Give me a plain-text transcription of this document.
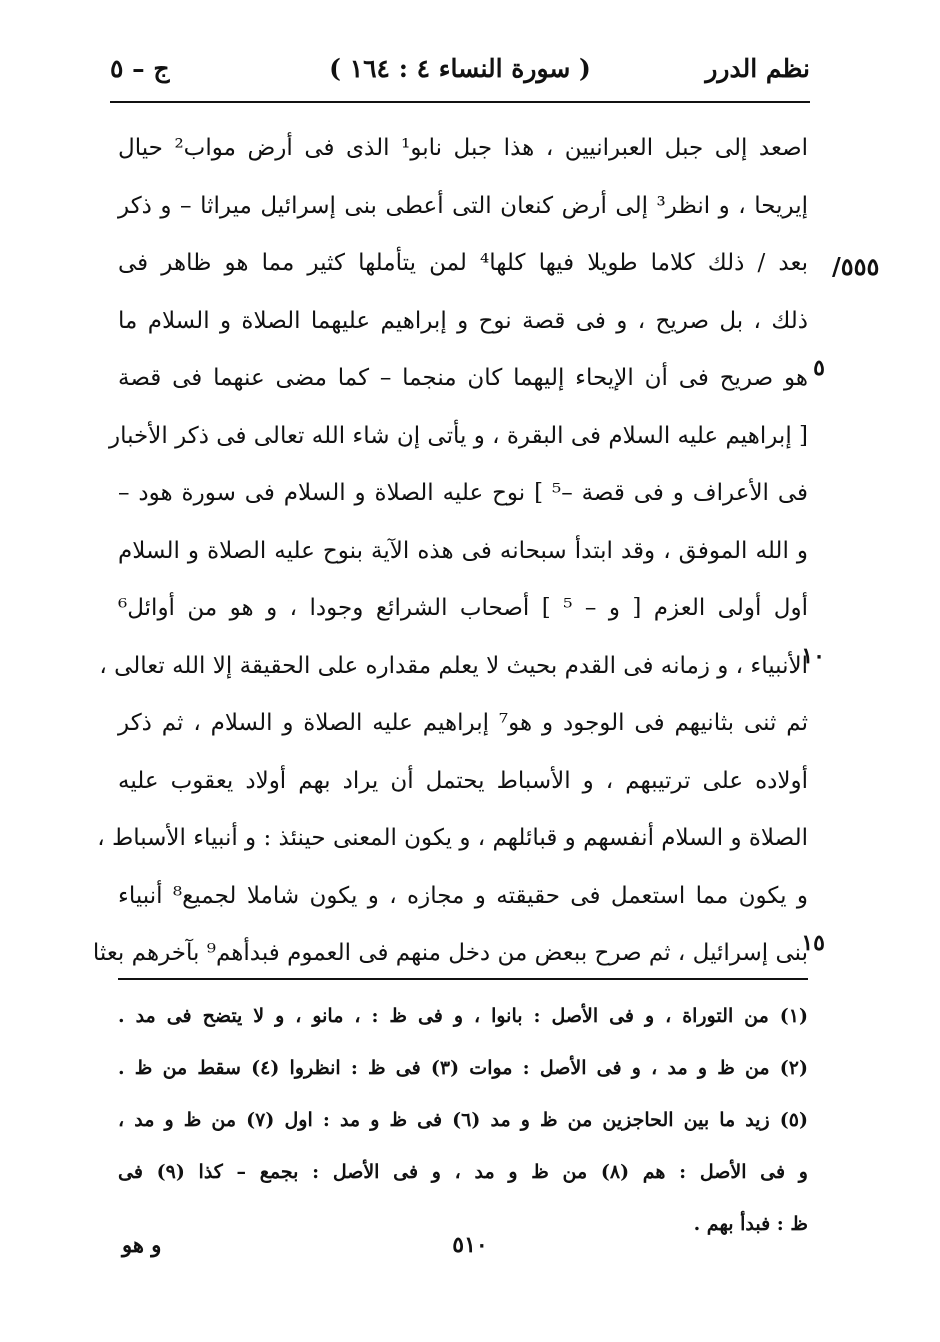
نظم الدرر
( سورة النساء ٤ : ١٦٤ )
ج – ٥
/٥٥٥
٥
١٠
١٥
اصعد إلى جبل العبرانيين ، هذا جبل نابو¹ الذى فى أرض مواب² حيال
إيريحا ، و انظر³ إلى أرض كنعان التى أعطى بنى إسرائيل ميراثا – و ذكر
بعد / ذلك كلاما طويلا فيها كلها⁴ لمن يتأملها كثير مما هو ظاهر فى
ذلك ، بل صريح ، و فى قصة نوح و إبراهيم عليهما الصلاة و السلام ما
هو صريح فى أن الإيحاء إليهما كان منجما – كما مضى عنهما فى قصة
[ إبراهيم عليه السلام فى البقرة ، و يأتى إن شاء الله تعالى فى ذكر الأخبار
فى الأعراف و فى قصة –⁵ ] نوح عليه الصلاة و السلام فى سورة هود –
و الله الموفق ، وقد ابتدأ سبحانه فى هذه الآية بنوح عليه الصلاة و السلام
أول أولى العزم [ و – ⁵ ] أصحاب الشرائع وجودا ، و هو من أوائل⁶
الأنبياء ، و زمانه فى القدم بحيث لا يعلم مقداره على الحقيقة إلا الله تعالى ،
ثم ثنى بثانيهم فى الوجود و هو⁷ إبراهيم عليه الصلاة و السلام ، ثم ذكر
أولاده على ترتيبهم ، و الأسباط يحتمل أن يراد بهم أولاد يعقوب عليه
الصلاة و السلام أنفسهم و قبائلهم ، و يكون المعنى حينئذ : و أنبياء الأسباط ،
و يكون مما استعمل فى حقيقته و مجازه ، و يكون شاملا لجميع⁸ أنبياء
بنى إسرائيل ، ثم صرح ببعض من دخل منهم فى العموم فبدأهم⁹ بآخرهم بعثا
(١) من التوراة ، و فى الأصل : بانوا ، و فى ظ : ، مانو ، و لا يتضح فى مد .
(٢) من ظ و مد ، و فى الأصل : موات (٣) فى ظ : انظروا (٤) سقط من ظ .
(٥) زيد ما بين الحاجزين من ظ و مد (٦) فى ظ و مد : اول (٧) من ظ و مد ،
و فى الأصل : هم (٨) من ظ و مد ، و فى الأصل : بجمع – كذا (٩) فى
ظ : فبدأ بهم .
و هو	٥١٠
